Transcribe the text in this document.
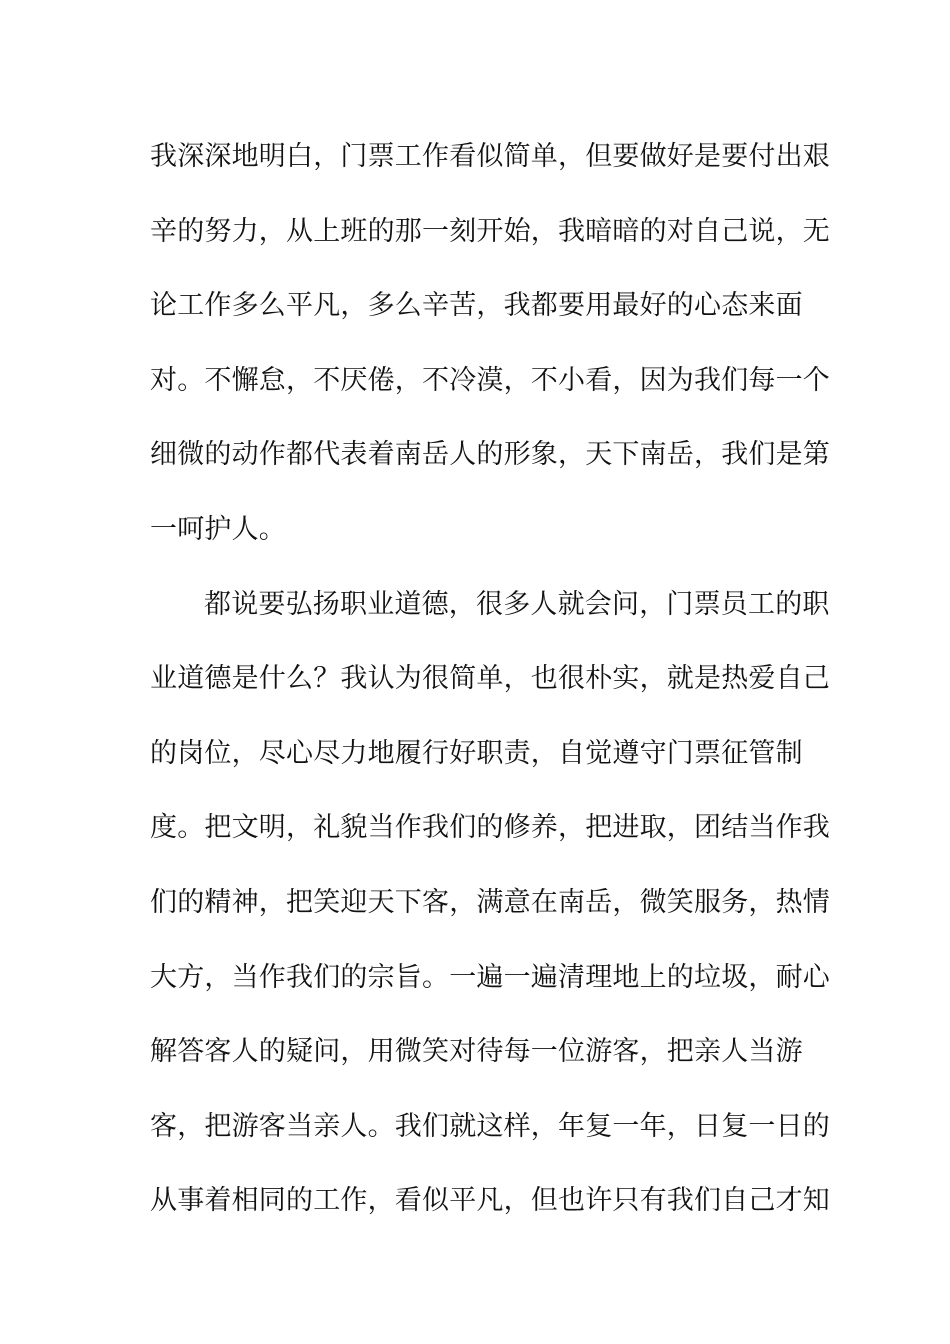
我深深地明白，门票工作看似简单，但要做好是要付出艰
辛的努力，从上班的那一刻开始，我暗暗的对自己说，无
论工作多么平凡，多么辛苦，我都要用最好的心态来面
对。不懈怠，不厌倦，不冷漠，不小看，因为我们每一个
细微的动作都代表着南岳人的形象，天下南岳，我们是第
一呵护人。
都说要弘扬职业道德，很多人就会问，门票员工的职
业道德是什么？我认为很简单，也很朴实，就是热爱自己
的岗位，尽心尽力地履行好职责，自觉遵守门票征管制
度。把文明，礼貌当作我们的修养，把进取，团结当作我
们的精神，把笑迎天下客，满意在南岳，微笑服务，热情
大方，当作我们的宗旨。一遍一遍清理地上的垃圾，耐心
解答客人的疑问，用微笑对待每一位游客，把亲人当游
客，把游客当亲人。我们就这样，年复一年，日复一日的
从事着相同的工作，看似平凡，但也许只有我们自己才知
